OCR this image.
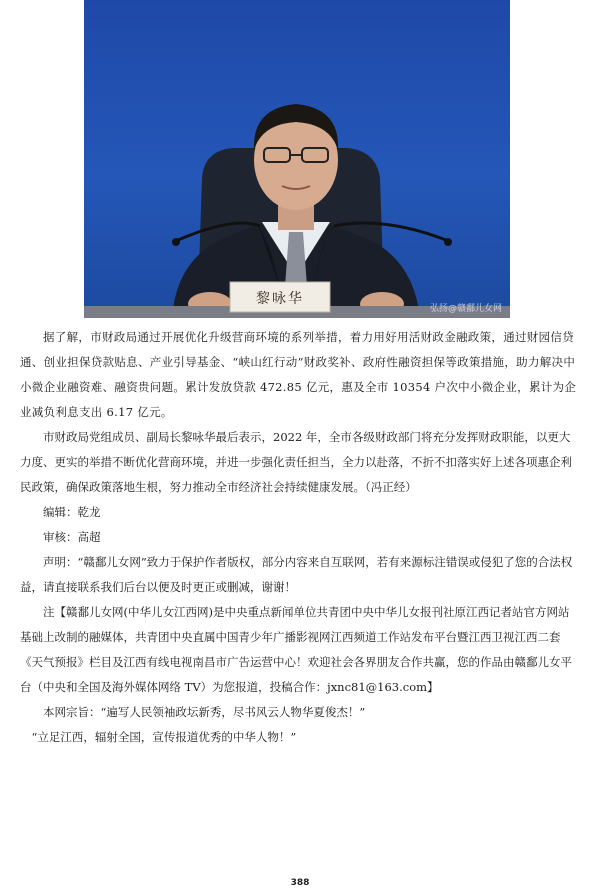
黎咏华
弘扬@赣鄱儿女网

据了解，市财政局通过开展优化升级营商环境的系列举措，着力用好用活财政金融政策，通过财园信贷通、创业担保贷款贴息、产业引导基金、“峡山红行动”财政奖补、政府性融资担保等政策措施，助力解决中小微企业融资难、融资贵问题。累计发放贷款 472.85 亿元，惠及全市 10354 户次中小微企业，累计为企业减负利息支出 6.17 亿元。

市财政局党组成员、副局长黎咏华最后表示，2022 年，全市各级财政部门将充分发挥财政职能，以更大力度、更实的举措不断优化营商环境，并进一步强化责任担当，全力以赴落，不折不扣落实好上述各项惠企利民政策，确保政策落地生根，努力推动全市经济社会持续健康发展。（冯正经）

编辑：乾龙

审核：高超

声明：“赣鄱儿女网”致力于保护作者版权，部分内容来自互联网，若有来源标注错误或侵犯了您的合法权益，请直接联系我们后台以便及时更正或删减，谢谢！

注【赣鄱儿女网(中华儿女江西网)是中央重点新闻单位共青团中央中华儿女报刊社原江西记者站官方网站基础上改制的融媒体，共青团中央直属中国青少年广播影视网江西频道工作站发布平台暨江西卫视江西二套《天气预报》栏目及江西有线电视南昌市广告运营中心！欢迎社会各界朋友合作共赢，您的作品由赣鄱儿女平台（中央和全国及海外媒体网络 TV）为您报道，投稿合作：jxnc81@163.com】

本网宗旨：“遍写人民领袖政坛新秀，尽书风云人物华夏俊杰！”

“立足江西，辐射全国，宣传报道优秀的中华人物！”

388
